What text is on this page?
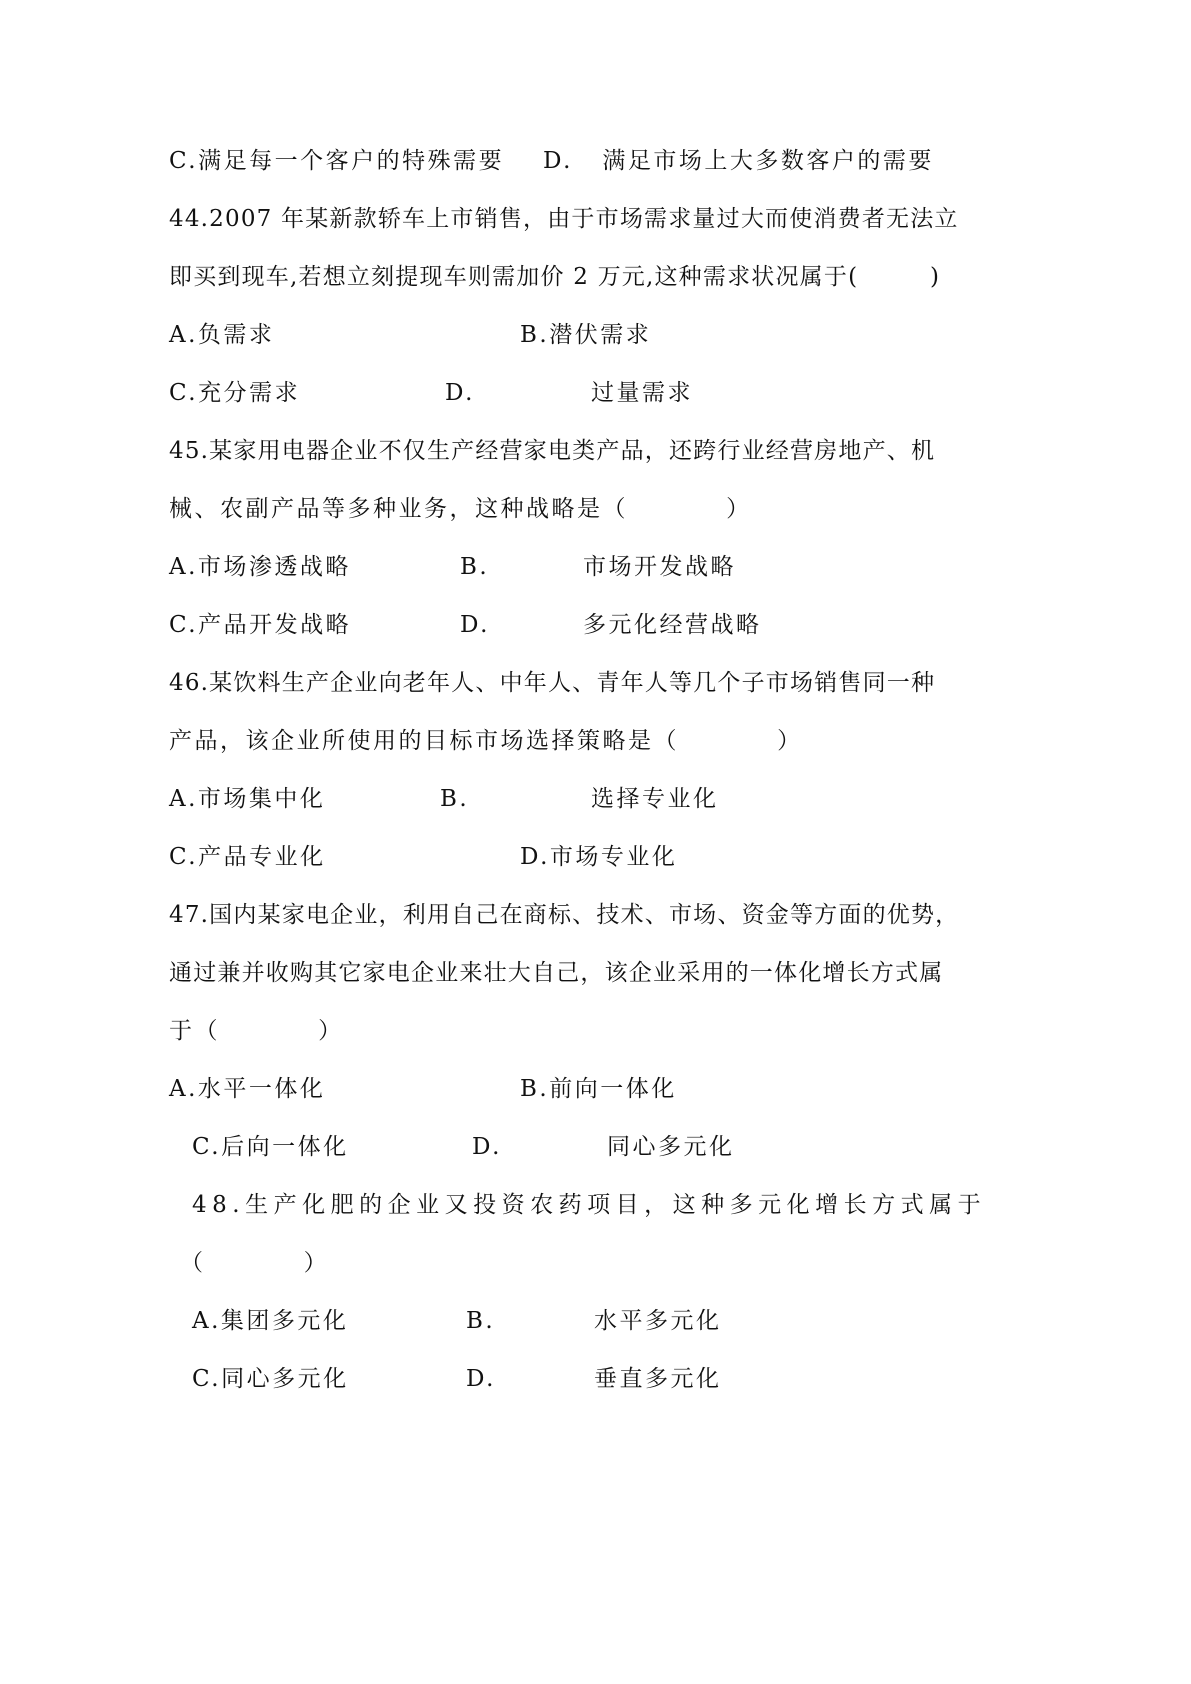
C.满足每一个客户的特殊需要 D.   满足市场上大多数客户的需要
44.2007 年某新款轿车上市销售，由于市场需求量过大而使消费者无法立
即买到现车,若想立刻提现车则需加价 2 万元,这种需求状况属于(	)
A.负需求	B.潜伏需求
C.充分需求	D.	过量需求
45.某家用电器企业不仅生产经营家电类产品，还跨行业经营房地产、机
械、农副产品等多种业务，这种战略是（          ）
A.市场渗透战略	B.	市场开发战略
C.产品开发战略	D.	多元化经营战略
46.某饮料生产企业向老年人、中年人、青年人等几个子市场销售同一种
产品，该企业所使用的目标市场选择策略是（          ）
A.市场集中化	B.	选择专业化
C.产品专业化	D.市场专业化
47.国内某家电企业，利用自己在商标、技术、市场、资金等方面的优势，
通过兼并收购其它家电企业来壮大自己，该企业采用的一体化增长方式属
于（          ）
A.水平一体化	B.前向一体化
C.后向一体化	D.	同心多元化
48.生产化肥的企业又投资农药项目，这种多元化增长方式属于
（          ）
A.集团多元化	B.	水平多元化
C.同心多元化	D.	垂直多元化
